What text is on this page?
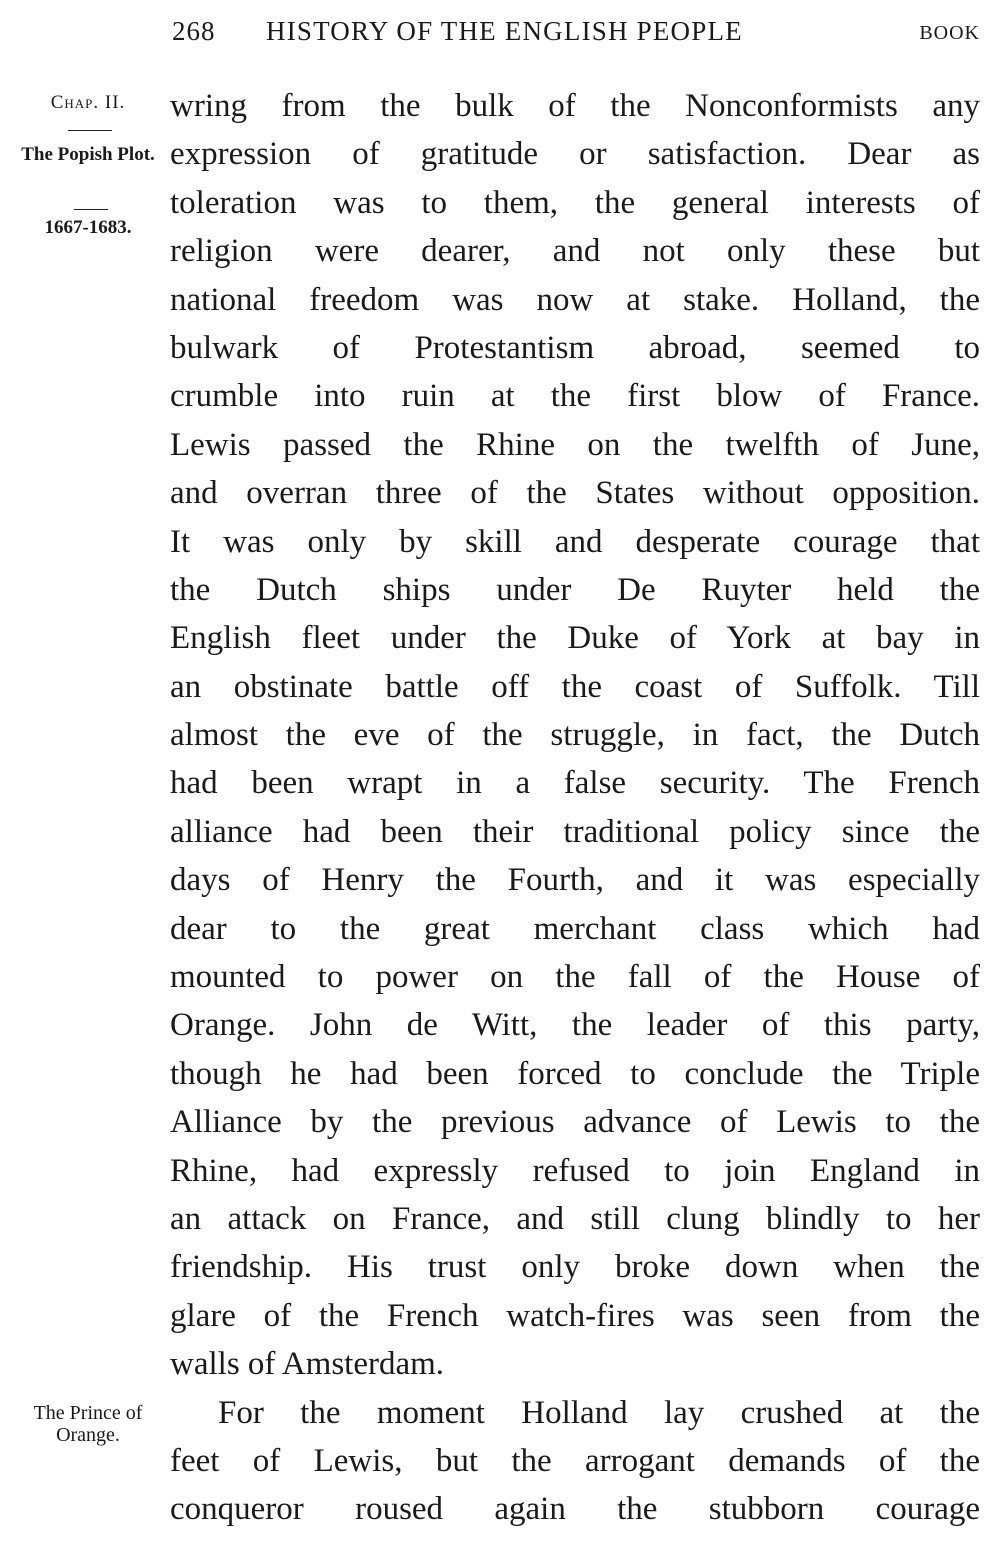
268 HISTORY OF THE ENGLISH PEOPLE	BOOK
Chap. II.
The Popish Plot.
1667-1683.
The Prince of Orange.
wring from the bulk of the Nonconformists any
expression of gratitude or satisfaction. Dear as
toleration was to them, the general interests of
religion were dearer, and not only these but
national freedom was now at stake. Holland, the
bulwark of Protestantism abroad, seemed to
crumble into ruin at the first blow of France.
Lewis passed the Rhine on the twelfth of June,
and overran three of the States without opposition.
It was only by skill and desperate courage that
the Dutch ships under De Ruyter held the
English fleet under the Duke of York at bay in
an obstinate battle off the coast of Suffolk. Till
almost the eve of the struggle, in fact, the Dutch
had been wrapt in a false security. The French
alliance had been their traditional policy since the
days of Henry the Fourth, and it was especially
dear to the great merchant class which had
mounted to power on the fall of the House of
Orange. John de Witt, the leader of this party,
though he had been forced to conclude the Triple
Alliance by the previous advance of Lewis to the
Rhine, had expressly refused to join England in
an attack on France, and still clung blindly to her
friendship. His trust only broke down when the
glare of the French watch-fires was seen from the
walls of Amsterdam.
For the moment Holland lay crushed at the
feet of Lewis, but the arrogant demands of the
conqueror roused again the stubborn courage
